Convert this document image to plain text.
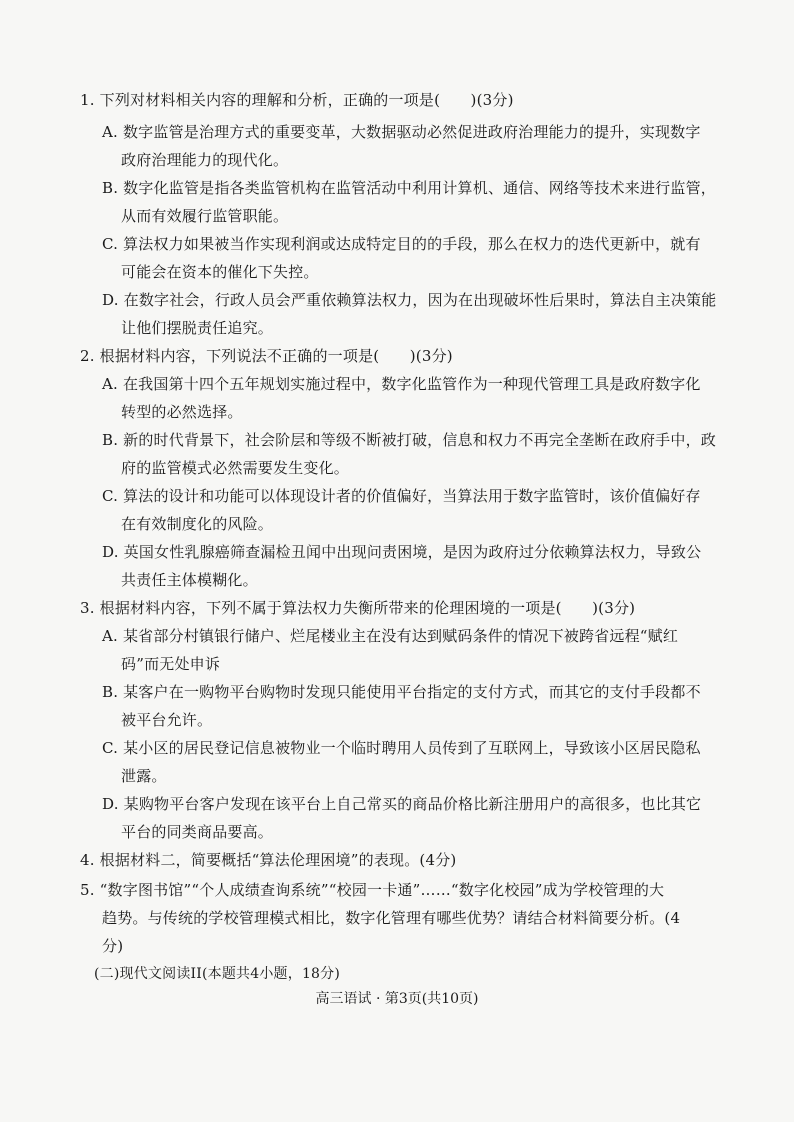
1. 下列对材料相关内容的理解和分析，正确的一项是(　　)(3分)
A. 数字监管是治理方式的重要变革，大数据驱动必然促进政府治理能力的提升，实现数字
政府治理能力的现代化。
B. 数字化监管是指各类监管机构在监管活动中利用计算机、通信、网络等技术来进行监管，
从而有效履行监管职能。
C. 算法权力如果被当作实现利润或达成特定目的的手段，那么在权力的迭代更新中，就有
可能会在资本的催化下失控。
D. 在数字社会，行政人员会严重依赖算法权力，因为在出现破坏性后果时，算法自主决策能
让他们摆脱责任追究。
2. 根据材料内容，下列说法不正确的一项是(　　)(3分)
A. 在我国第十四个五年规划实施过程中，数字化监管作为一种现代管理工具是政府数字化
转型的必然选择。
B. 新的时代背景下，社会阶层和等级不断被打破，信息和权力不再完全垄断在政府手中，政
府的监管模式必然需要发生变化。
C. 算法的设计和功能可以体现设计者的价值偏好，当算法用于数字监管时，该价值偏好存
在有效制度化的风险。
D. 英国女性乳腺癌筛查漏检丑闻中出现问责困境，是因为政府过分依赖算法权力，导致公
共责任主体模糊化。
3. 根据材料内容，下列不属于算法权力失衡所带来的伦理困境的一项是(　　)(3分)
A. 某省部分村镇银行储户、烂尾楼业主在没有达到赋码条件的情况下被跨省远程“赋红
码”而无处申诉
B. 某客户在一购物平台购物时发现只能使用平台指定的支付方式，而其它的支付手段都不
被平台允许。
C. 某小区的居民登记信息被物业一个临时聘用人员传到了互联网上，导致该小区居民隐私
泄露。
D. 某购物平台客户发现在该平台上自己常买的商品价格比新注册用户的高很多，也比其它
平台的同类商品要高。
4. 根据材料二，简要概括“算法伦理困境”的表现。(4分)
5. “数字图书馆”“个人成绩查询系统”“校园一卡通”……“数字化校园”成为学校管理的大
趋势。与传统的学校管理模式相比，数字化管理有哪些优势？请结合材料简要分析。(4
分)
(二)现代文阅读II(本题共4小题，18分)
高三语试 · 第3页(共10页)
